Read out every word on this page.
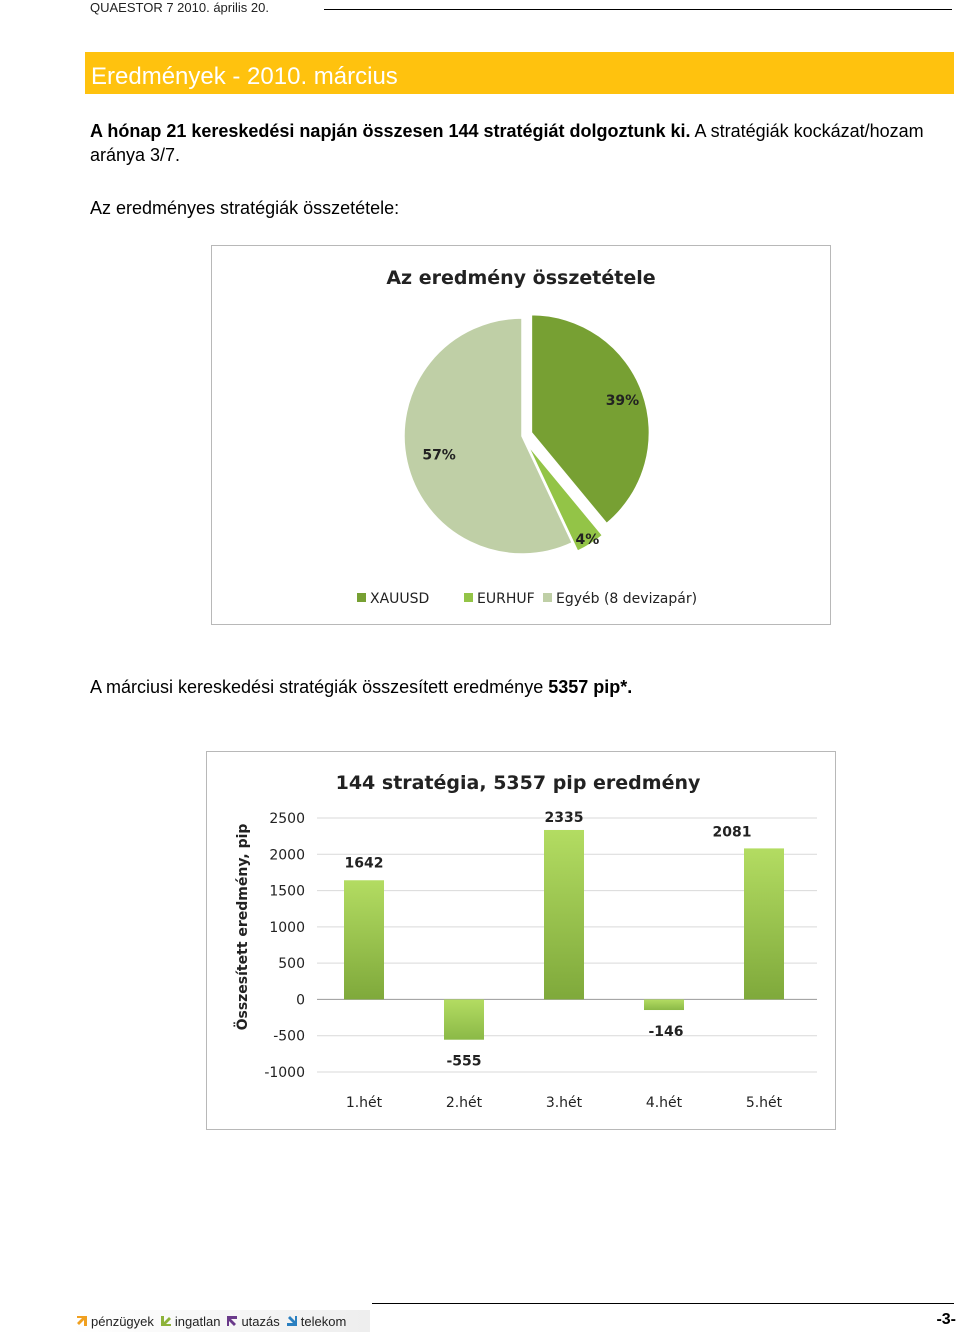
QUAESTOR 7 2010. április 20.
Eredmények - 2010. március
A hónap 21 kereskedési napján összesen 144 stratégiát dolgoztunk ki. A stratégiák kockázat/hozam aránya 3/7.
Az eredményes stratégiák összetétele:
Az eredmény összetétele
39%
4%
57%
XAUUSD	EURHUF Egyéb (8 devizapár)
A márciusi kereskedési stratégiák összesített eredménye 5357 pip*.
144 stratégia, 5357 pip eredmény
Összesített eredmény, pip
2500
2000
1500
1000
500
0
-500
-1000
1642
-555
2335
-146
2081
1.hét	2.hét	3.hét	4.hét	5.hét
pénzügyek ingatlan utazás telekom	-3-
